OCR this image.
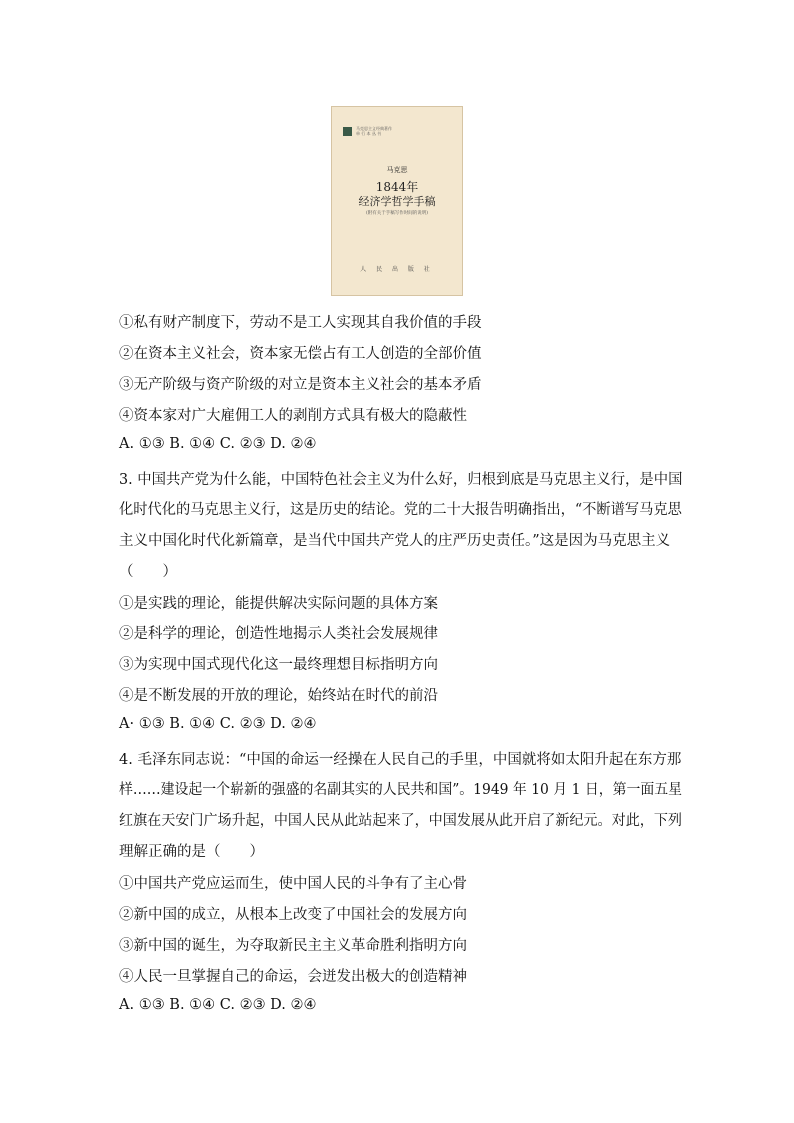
马克思主义经典著作
单 行 本 丛 书
马克思
1844年
经济学哲学手稿
(附有关于手稿写作时间的说明)
人 民 出 版 社
①私有财产制度下，劳动不是工人实现其自我价值的手段
②在资本主义社会，资本家无偿占有工人创造的全部价值
③无产阶级与资产阶级的对立是资本主义社会的基本矛盾
④资本家对广大雇佣工人的剥削方式具有极大的隐蔽性
A. ①③ B. ①④ C. ②③ D. ②④
3. 中国共产党为什么能，中国特色社会主义为什么好，归根到底是马克思主义行，是中国
化时代化的马克思主义行，这是历史的结论。党的二十大报告明确指出，“不断谱写马克思
主义中国化时代化新篇章，是当代中国共产党人的庄严历史责任。”这是因为马克思主义
（　　）
①是实践的理论，能提供解决实际问题的具体方案
②是科学的理论，创造性地揭示人类社会发展规律
③为实现中国式现代化这一最终理想目标指明方向
④是不断发展的开放的理论，始终站在时代的前沿
A· ①③ B. ①④ C. ②③ D. ②④
4. 毛泽东同志说：“中国的命运一经操在人民自己的手里，中国就将如太阳升起在东方那
样……建设起一个崭新的强盛的名副其实的人民共和国”。1949 年 10 月 1 日，第一面五星
红旗在天安门广场升起，中国人民从此站起来了，中国发展从此开启了新纪元。对此，下列
理解正确的是（　　）
①中国共产党应运而生，使中国人民的斗争有了主心骨
②新中国的成立，从根本上改变了中国社会的发展方向
③新中国的诞生，为夺取新民主主义革命胜利指明方向
④人民一旦掌握自己的命运，会迸发出极大的创造精神
A. ①③ B. ①④ C. ②③ D. ②④
